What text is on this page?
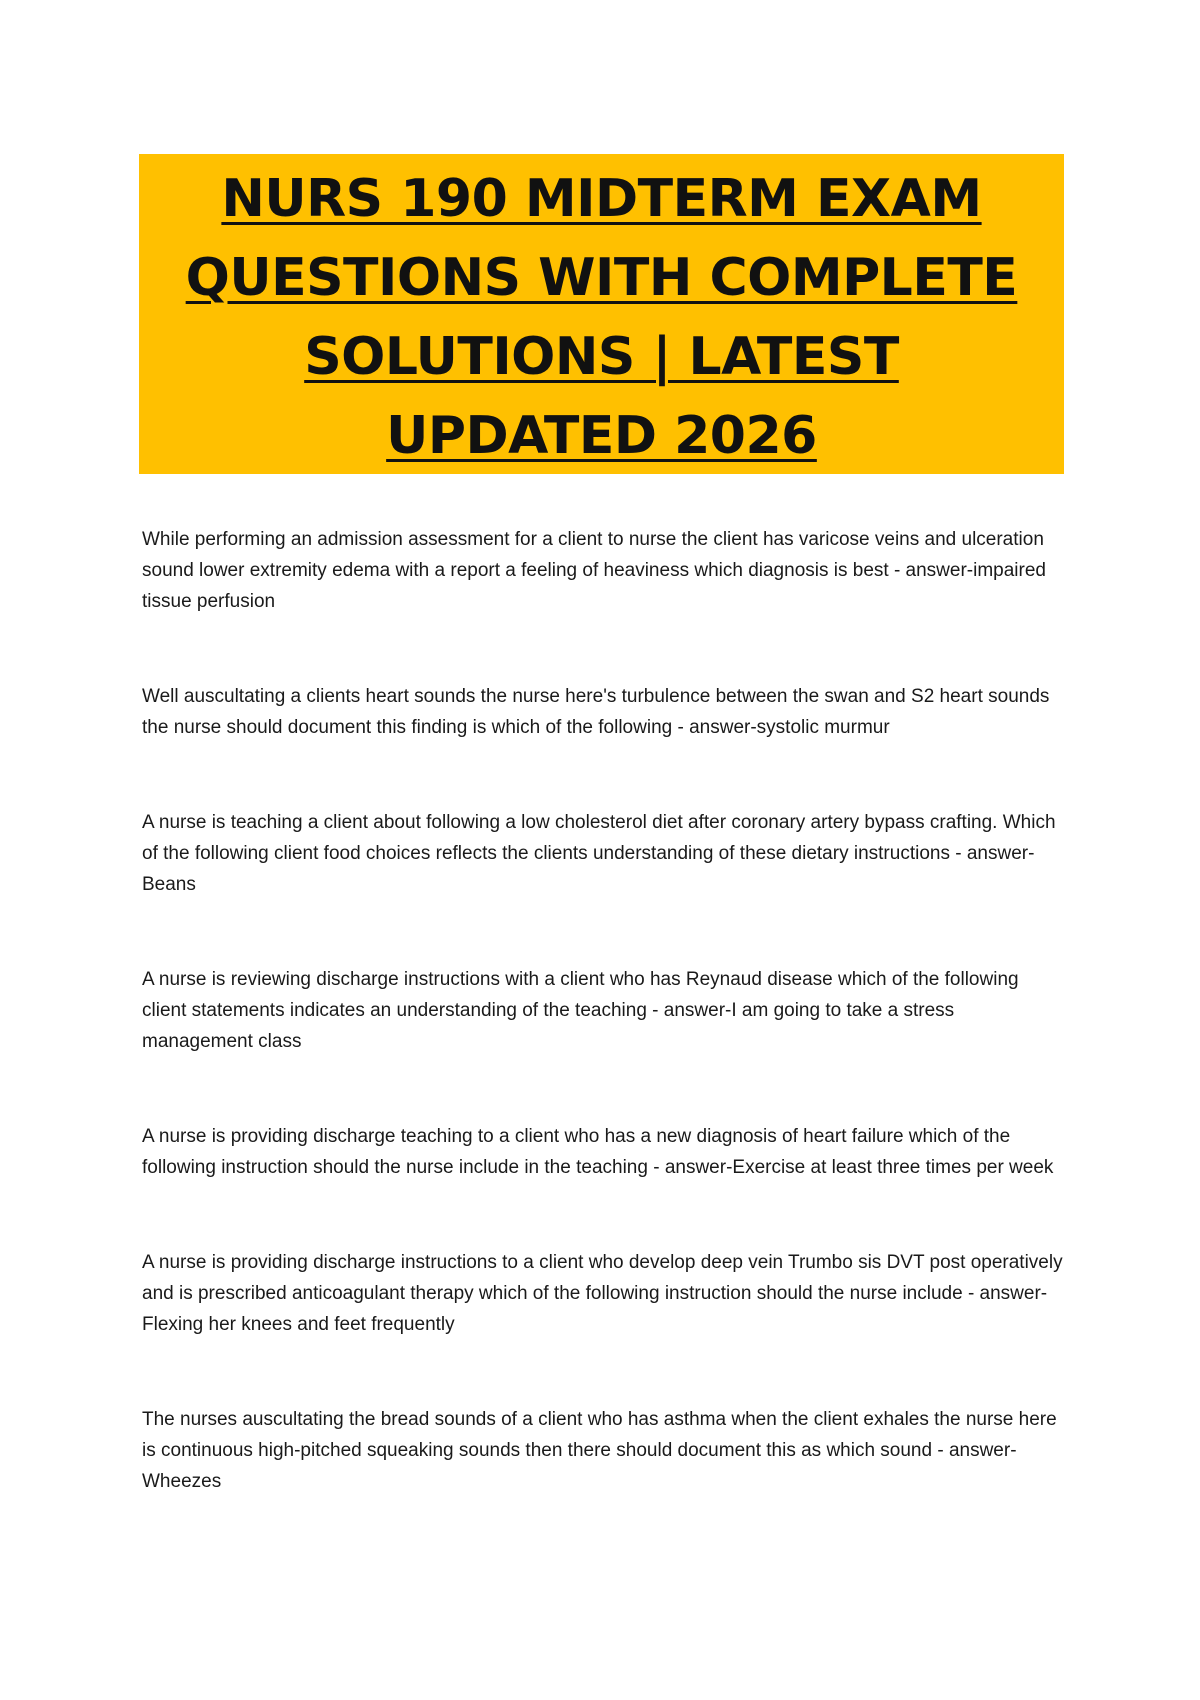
NURS 190 MIDTERM EXAM QUESTIONS WITH COMPLETE SOLUTIONS | LATEST UPDATED 2026

While performing an admission assessment for a client to nurse the client has varicose veins and ulceration sound lower extremity edema with a report a feeling of heaviness which diagnosis is best - answer-impaired tissue perfusion

Well auscultating a clients heart sounds the nurse here's turbulence between the swan and S2 heart sounds the nurse should document this finding is which of the following - answer-systolic murmur

A nurse is teaching a client about following a low cholesterol diet after coronary artery bypass crafting. Which of the following client food choices reflects the clients understanding of these dietary instructions - answer-Beans

A nurse is reviewing discharge instructions with a client who has Reynaud disease which of the following client statements indicates an understanding of the teaching - answer-I am going to take a stress management class

A nurse is providing discharge teaching to a client who has a new diagnosis of heart failure which of the following instruction should the nurse include in the teaching - answer-Exercise at least three times per week

A nurse is providing discharge instructions to a client who develop deep vein Trumbo sis DVT post operatively and is prescribed anticoagulant therapy which of the following instruction should the nurse include - answer-Flexing her knees and feet frequently

The nurses auscultating the bread sounds of a client who has asthma when the client exhales the nurse here is continuous high-pitched squeaking sounds then there should document this as which sound - answer-Wheezes
